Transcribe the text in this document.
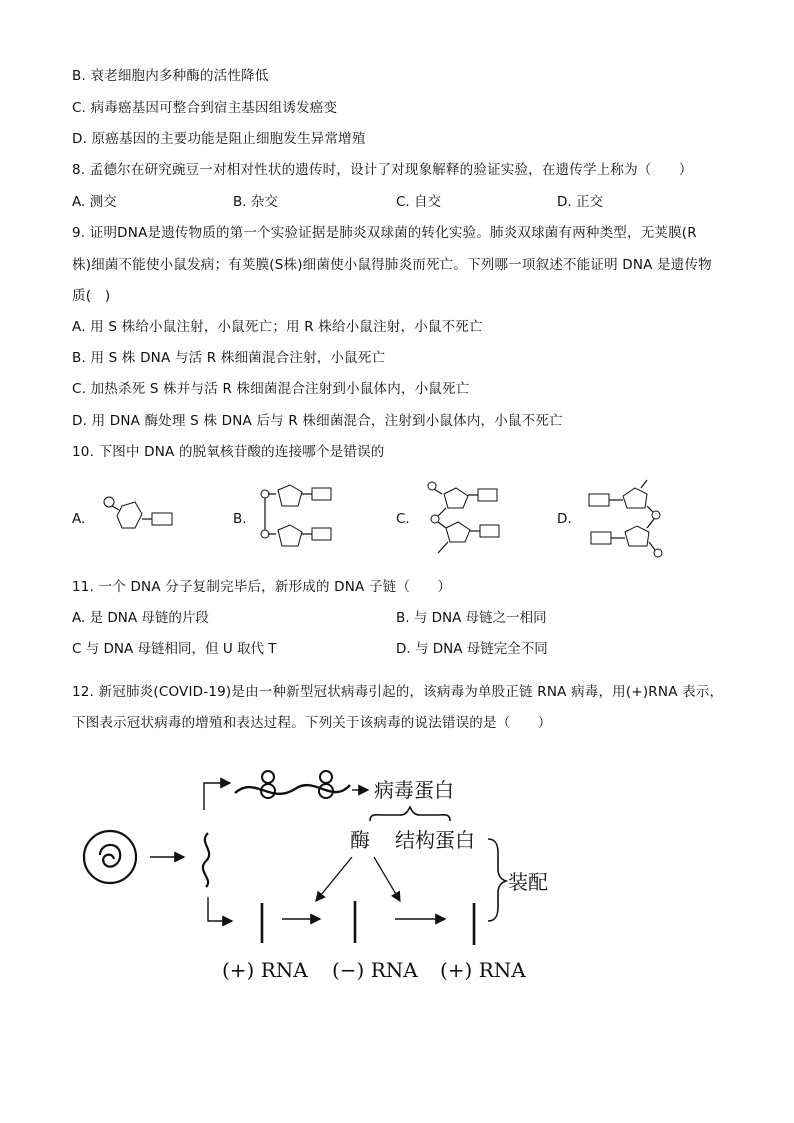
B. 衰老细胞内多种酶的活性降低
C. 病毒癌基因可整合到宿主基因组诱发癌变
D. 原癌基因的主要功能是阻止细胞发生异常增殖
8. 孟德尔在研究豌豆一对相对性状的遗传时，设计了对现象解释的验证实验，在遗传学上称为（　　）
A. 测交	B. 杂交	C. 自交	D. 正交
9. 证明DNA是遗传物质的第一个实验证据是肺炎双球菌的转化实验。肺炎双球菌有两种类型，无荚膜(R
株)细菌不能使小鼠发病；有荚膜(S株)细菌使小鼠得肺炎而死亡。下列哪一项叙述不能证明 DNA 是遗传物
质(　)
A. 用 S 株给小鼠注射，小鼠死亡；用 R 株给小鼠注射，小鼠不死亡
B. 用 S 株 DNA 与活 R 株细菌混合注射，小鼠死亡
C. 加热杀死 S 株并与活 R 株细菌混合注射到小鼠体内，小鼠死亡
D. 用 DNA 酶处理 S 株 DNA 后与 R 株细菌混合，注射到小鼠体内，小鼠不死亡
10. 下图中 DNA 的脱氧核苷酸的连接哪个是错误的
A.	B.	C.	D.
11. 一个 DNA 分子复制完毕后，新形成的 DNA 子链（　　）
A. 是 DNA 母链的片段	B. 与 DNA 母链之一相同
C 与 DNA 母链相同，但 U 取代 T	D. 与 DNA 母链完全不同
12. 新冠肺炎(COVID-19)是由一种新型冠状病毒引起的，该病毒为单股正链 RNA 病毒，用(+)RNA 表示，
下图表示冠状病毒的增殖和表达过程。下列关于该病毒的说法错误的是（　　）
病毒蛋白
酶 结构蛋白
装配
(+) RNA (−) RNA (+) RNA
